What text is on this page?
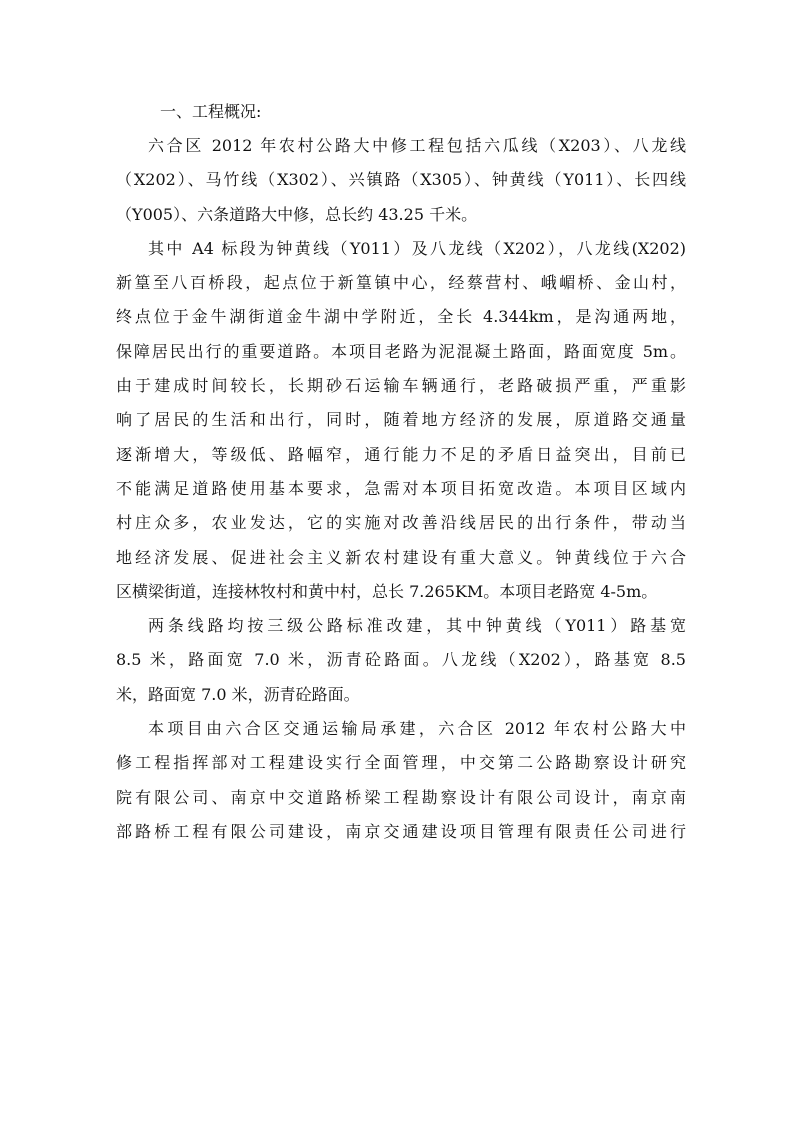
一、工程概况:

六合区 2012 年农村公路大中修工程包括六瓜线（X203）、八龙线
（X202）、马竹线（X302）、兴镇路（X305）、钟黄线（Y011）、长四线
（Y005）、六条道路大中修，总长约 43.25 千米。

其中 A4 标段为钟黄线（Y011）及八龙线（X202），八龙线(X202)
新篁至八百桥段，起点位于新篁镇中心，经蔡营村、峨嵋桥、金山村，
终点位于金牛湖街道金牛湖中学附近，全长 4.344km，是沟通两地，
保障居民出行的重要道路。本项目老路为泥混凝土路面，路面宽度 5m。
由于建成时间较长，长期砂石运输车辆通行，老路破损严重，严重影
响了居民的生活和出行，同时，随着地方经济的发展，原道路交通量
逐渐增大，等级低、路幅窄，通行能力不足的矛盾日益突出，目前已
不能满足道路使用基本要求，急需对本项目拓宽改造。本项目区域内
村庄众多，农业发达，它的实施对改善沿线居民的出行条件，带动当
地经济发展、促进社会主义新农村建设有重大意义。钟黄线位于六合
区横梁街道，连接林牧村和黄中村，总长 7.265KM。本项目老路宽 4-5m。

两条线路均按三级公路标准改建，其中钟黄线（Y011）路基宽
8.5 米，路面宽 7.0 米，沥青砼路面。八龙线（X202），路基宽 8.5
米，路面宽 7.0 米，沥青砼路面。

本项目由六合区交通运输局承建，六合区 2012 年农村公路大中
修工程指挥部对工程建设实行全面管理，中交第二公路勘察设计研究
院有限公司、南京中交道路桥梁工程勘察设计有限公司设计，南京南
部路桥工程有限公司建设，南京交通建设项目管理有限责任公司进行
